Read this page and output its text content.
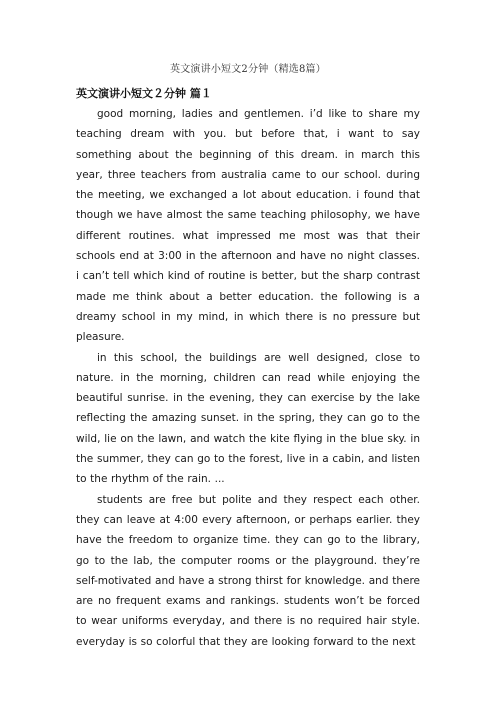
英文演讲小短文2分钟（精选8篇）
英文演讲小短文２分钟 篇１

good morning, ladies and gentlemen. i’d like to share my teaching dream with you. but before that, i want to say something about the beginning of this dream. in march this year, three teachers from australia came to our school. during the meeting, we exchanged a lot about education. i found that though we have almost the same teaching philosophy, we have different routines. what impressed me most was that their schools end at 3:00 in the afternoon and have no night classes. i can’t tell which kind of routine is better, but the sharp contrast made me think about a better education. the following is a dreamy school in my mind, in which there is no pressure but pleasure.

in this school, the buildings are well designed, close to nature. in the morning, children can read while enjoying the beautiful sunrise. in the evening, they can exercise by the lake reflecting the amazing sunset. in the spring, they can go to the wild, lie on the lawn, and watch the kite flying in the blue sky. in the summer, they can go to the forest, live in a cabin, and listen to the rhythm of the rain. ...

students are free but polite and they respect each other. they can leave at 4:00 every afternoon, or perhaps earlier. they have the freedom to organize time. they can go to the library, go to the lab, the computer rooms or the playground. they’re self-motivated and have a strong thirst for knowledge. and there are no frequent exams and rankings. students won’t be forced to wear uniforms everyday, and there is no required hair style. everyday is so colorful that they are looking forward to the next
